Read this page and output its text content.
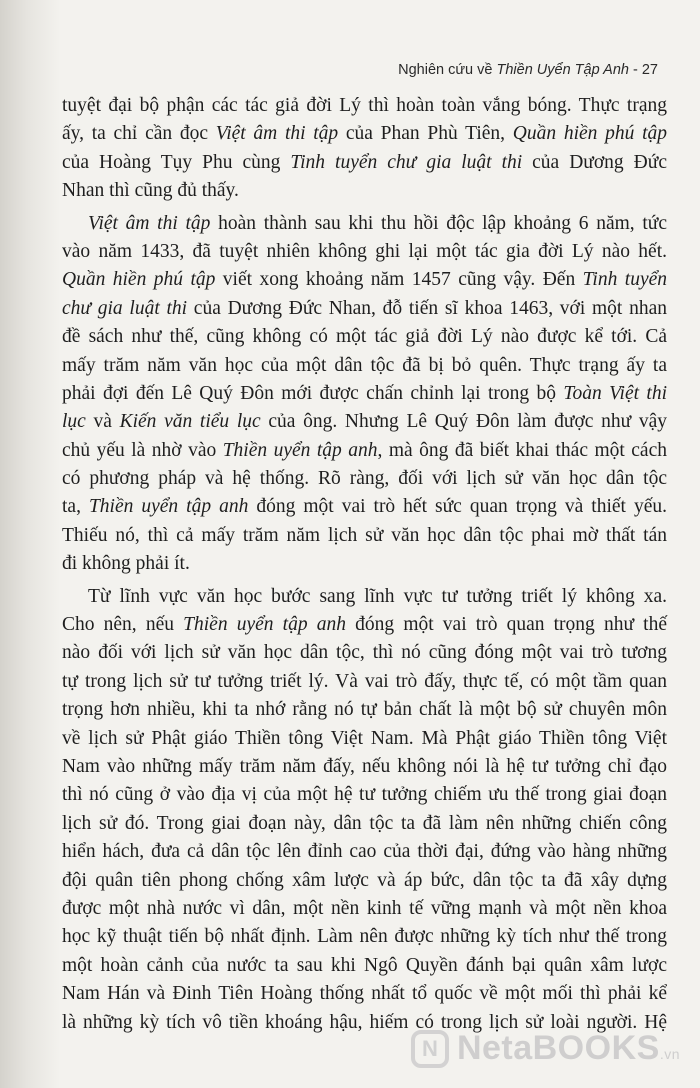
Nghiên cứu về Thiền Uyển Tập Anh - 27
tuyệt đại bộ phận các tác giả đời Lý thì hoàn toàn vắng bóng. Thực trạng
ấy, ta chỉ cần đọc Việt âm thi tập của Phan Phù Tiên, Quần hiền phú tập
của Hoàng Tụy Phu cùng Tinh tuyển chư gia luật thi của Dương Đức
Nhan thì cũng đủ thấy.
Việt âm thi tập hoàn thành sau khi thu hồi độc lập khoảng 6 năm, tức
vào năm 1433, đã tuyệt nhiên không ghi lại một tác gia đời Lý nào hết.
Quần hiền phú tập viết xong khoảng năm 1457 cũng vậy. Đến Tinh tuyển
chư gia luật thi của Dương Đức Nhan, đỗ tiến sĩ khoa 1463, với một nhan
đề sách như thế, cũng không có một tác giả đời Lý nào được kể tới. Cả
mấy trăm năm văn học của một dân tộc đã bị bỏ quên. Thực trạng ấy ta
phải đợi đến Lê Quý Đôn mới được chấn chỉnh lại trong bộ Toàn Việt thi
lục và Kiến văn tiểu lục của ông. Nhưng Lê Quý Đôn làm được như vậy
chủ yếu là nhờ vào Thiền uyển tập anh, mà ông đã biết khai thác một cách
có phương pháp và hệ thống. Rõ ràng, đối với lịch sử văn học dân tộc
ta, Thiền uyển tập anh đóng một vai trò hết sức quan trọng và thiết yếu.
Thiếu nó, thì cả mấy trăm năm lịch sử văn học dân tộc phai mờ thất tán
đi không phải ít.
Từ lĩnh vực văn học bước sang lĩnh vực tư tưởng triết lý không xa.
Cho nên, nếu Thiền uyển tập anh đóng một vai trò quan trọng như thế
nào đối với lịch sử văn học dân tộc, thì nó cũng đóng một vai trò tương
tự trong lịch sử tư tưởng triết lý. Và vai trò đấy, thực tế, có một tầm quan
trọng hơn nhiều, khi ta nhớ rằng nó tự bản chất là một bộ sử chuyên môn
về lịch sử Phật giáo Thiền tông Việt Nam. Mà Phật giáo Thiền tông Việt
Nam vào những mấy trăm năm đấy, nếu không nói là hệ tư tưởng chỉ đạo
thì nó cũng ở vào địa vị của một hệ tư tưởng chiếm ưu thế trong giai đoạn
lịch sử đó. Trong giai đoạn này, dân tộc ta đã làm nên những chiến công
hiển hách, đưa cả dân tộc lên đỉnh cao của thời đại, đứng vào hàng những
đội quân tiên phong chống xâm lược và áp bức, dân tộc ta đã xây dựng
được một nhà nước vì dân, một nền kinh tế vững mạnh và một nền khoa
học kỹ thuật tiến bộ nhất định. Làm nên được những kỳ tích như thế trong
một hoàn cảnh của nước ta sau khi Ngô Quyền đánh bại quân xâm lược
Nam Hán và Đinh Tiên Hoàng thống nhất tổ quốc về một mối thì phải kể
là những kỳ tích vô tiền khoáng hậu, hiếm có trong lịch sử loài người. Hệ
N NetaBOOKS.vn
